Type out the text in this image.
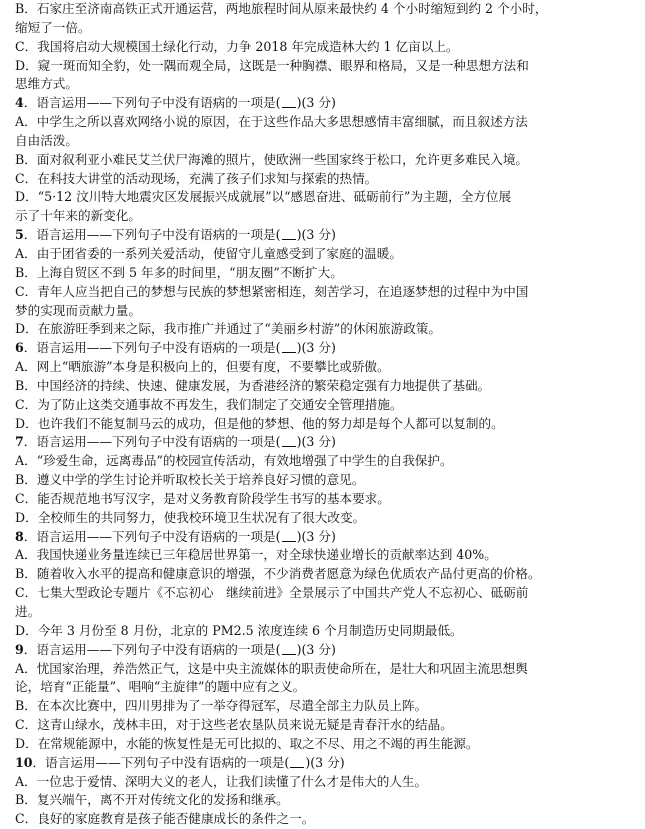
B．石家庄至济南高铁正式开通运营，两地旅程时间从原来最快约 4 个小时缩短到约 2 个小时，
缩短了一倍。
C．我国将启动大规模国土绿化行动，力争 2018 年完成造林大约 1 亿亩以上。
D．窥一斑而知全豹，处一隅而观全局，这既是一种胸襟、眼界和格局，又是一种思想方法和
思维方式。
4．语言运用——下列句子中没有语病的一项是( )(3 分)
A．中学生之所以喜欢网络小说的原因，在于这些作品大多思想感情丰富细腻，而且叙述方法
自由活泼。
B．面对叙利亚小难民艾兰伏尸海滩的照片，使欧洲一些国家终于松口，允许更多难民入境。
C．在科技大讲堂的活动现场，充满了孩子们求知与探索的热情。
D．“5·12 汶川特大地震灾区发展振兴成就展”以“感恩奋进、砥砺前行”为主题，全方位展
示了十年来的新变化。
5．语言运用——下列句子中没有语病的一项是( )(3 分)
A．由于团省委的一系列关爱活动，使留守儿童感受到了家庭的温暖。
B．上海自贸区不到 5 年多的时间里，“朋友圈”不断扩大。
C．青年人应当把自己的梦想与民族的梦想紧密相连，刻苦学习，在追逐梦想的过程中为中国
梦的实现而贡献力量。
D．在旅游旺季到来之际，我市推广并通过了“美丽乡村游”的休闲旅游政策。
6．语言运用——下列句子中没有语病的一项是( )(3 分)
A．网上“晒旅游”本身是积极向上的，但要有度，不要攀比或骄傲。
B．中国经济的持续、快速、健康发展，为香港经济的繁荣稳定强有力地提供了基础。
C．为了防止这类交通事故不再发生，我们制定了交通安全管理措施。
D．也许我们不能复制马云的成功，但是他的梦想、他的努力却是每个人都可以复制的。
7．语言运用——下列句子中没有语病的一项是( )(3 分)
A．“珍爱生命，远离毒品”的校园宣传活动，有效地增强了中学生的自我保护。
B．遵义中学的学生讨论并听取校长关于培养良好习惯的意见。
C．能否规范地书写汉字，是对义务教育阶段学生书写的基本要求。
D．全校师生的共同努力，使我校环境卫生状况有了很大改变。
8．语言运用——下列句子中没有语病的一项是( )(3 分)
A．我国快递业务量连续已三年稳居世界第一，对全球快递业增长的贡献率达到 40%。
B．随着收入水平的提高和健康意识的增强，不少消费者愿意为绿色优质农产品付更高的价格。
C．七集大型政论专题片《不忘初心　继续前进》全景展示了中国共产党人不忘初心、砥砺前
进。
D．今年 3 月份至 8 月份，北京的 PM2.5 浓度连续 6 个月制造历史同期最低。
9．语言运用——下列句子中没有语病的一项是( )(3 分)
A．忧国家治理，养浩然正气，这是中央主流媒体的职责使命所在，是壮大和巩固主流思想舆
论，培育“正能量”、唱响“主旋律”的题中应有之义。
B．在本次比赛中，四川男排为了一举夺得冠军，尽遣全部主力队员上阵。
C．这青山绿水，茂林丰田，对于这些老农垦队员来说无疑是青春汗水的结晶。
D．在常规能源中，水能的恢复性是无可比拟的、取之不尽、用之不竭的再生能源。
10．语言运用——下列句子中没有语病的一项是( )(3 分)
A．一位忠于爱情、深明大义的老人，让我们读懂了什么才是伟大的人生。
B．复兴端午，离不开对传统文化的发扬和继承。
C．良好的家庭教育是孩子能否健康成长的条件之一。
